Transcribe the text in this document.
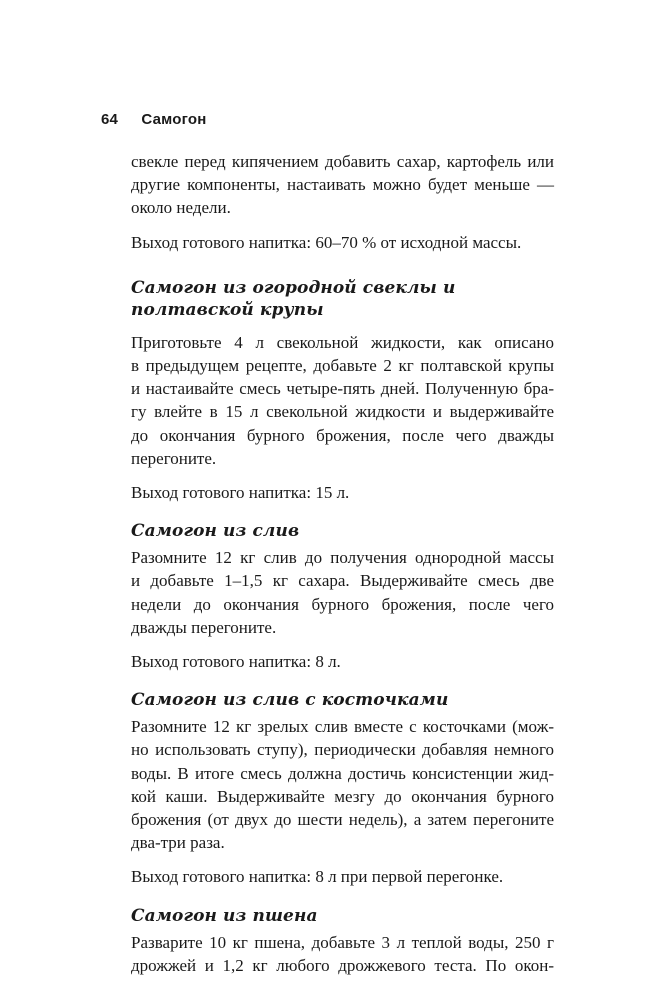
64 Самогон
свекле перед кипячением добавить сахар, картофель или
другие компоненты, настаивать можно будет меньше —
около недели.

Выход готового напитка: 60–70 % от исходной массы.

Самогон из огородной свеклы и полтавской крупы
Приготовьте 4 л свекольной жидкости, как описано
в предыдущем рецепте, добавьте 2 кг полтавской крупы
и настаивайте смесь четыре-пять дней. Полученную бра-
гу влейте в 15 л свекольной жидкости и выдерживайте
до окончания бурного брожения, после чего дважды
перегоните.

Выход готового напитка: 15 л.

Самогон из слив
Разомните 12 кг слив до получения однородной массы
и добавьте 1–1,5 кг сахара. Выдерживайте смесь две
недели до окончания бурного брожения, после чего
дважды перегоните.

Выход готового напитка: 8 л.

Самогон из слив с косточками
Разомните 12 кг зрелых слив вместе с косточками (мож-
но использовать ступу), периодически добавляя немного
воды. В итоге смесь должна достичь консистенции жид-
кой каши. Выдерживайте мезгу до окончания бурного
брожения (от двух до шести недель), а затем перегоните
два-три раза.

Выход готового напитка: 8 л при первой перегонке.

Самогон из пшена
Разварите 10 кг пшена, добавьте 3 л теплой воды, 250 г
дрожжей и 1,2 кг любого дрожжевого теста. По окон-
